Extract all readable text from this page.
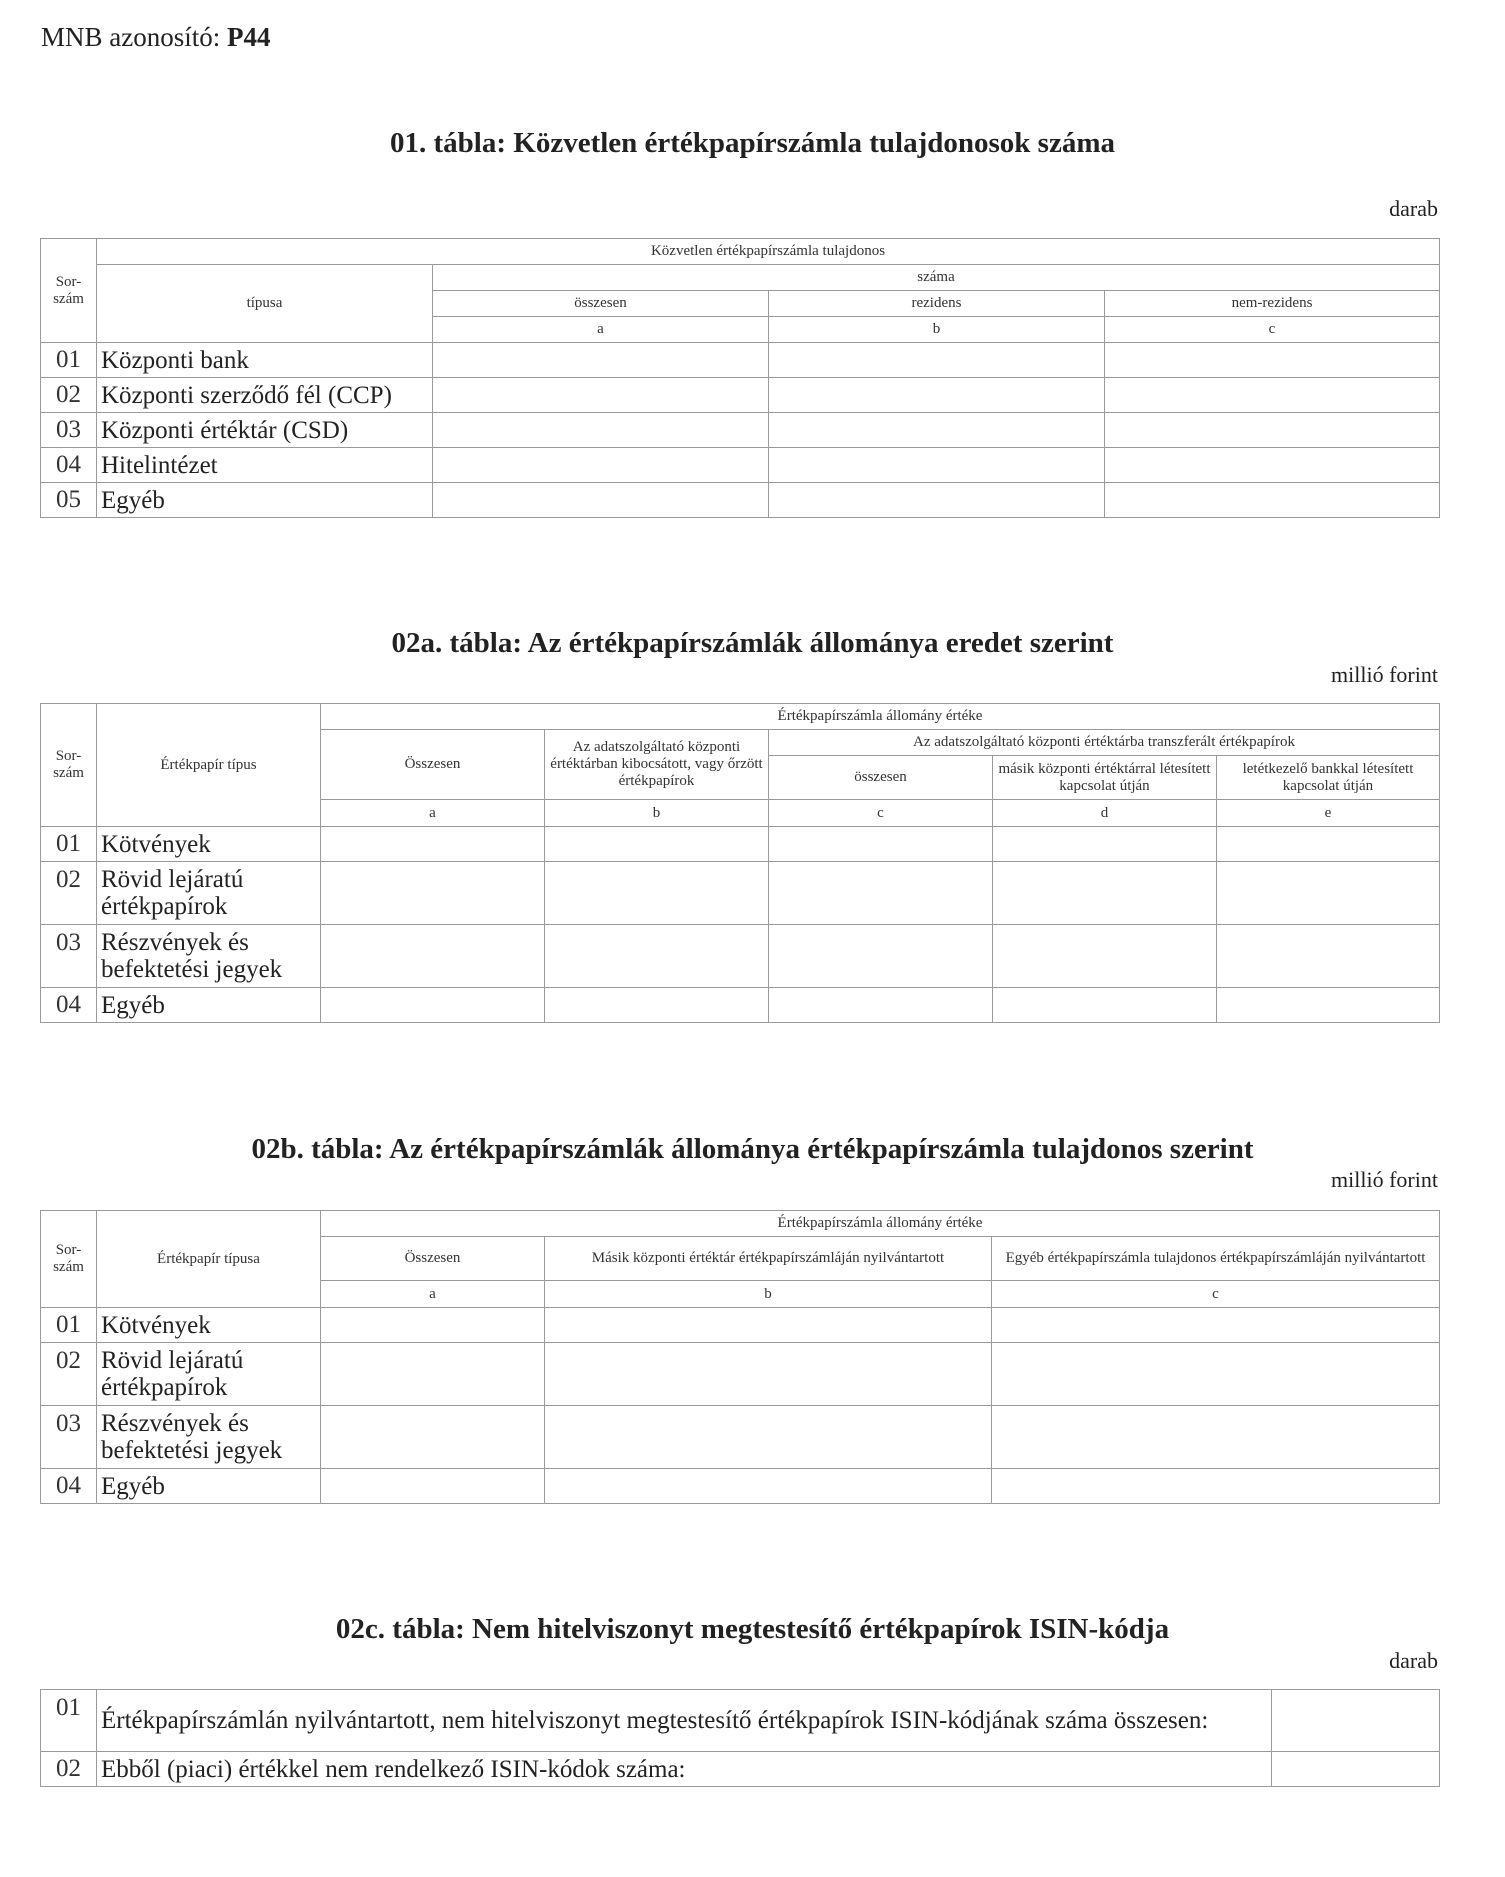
MNB azonosító: P44
01. tábla: Közvetlen értékpapírszámla tulajdonosok száma
darab
Sor-szám	Közvetlen értékpapírszámla tulajdonos			
	típusa	száma		
		összesen	rezidens	nem-rezidens
		a	b	c
01	Központi bank			
02	Központi szerződő fél (CCP)			
03	Központi értéktár (CSD)			
04	Hitelintézet			
05	Egyéb			
02a. tábla: Az értékpapírszámlák állománya eredet szerint
millió forint
Sor-szám	Értékpapír típus	Értékpapírszámla állomány értéke				
		Összesen	Az adatszolgáltató központi értéktárban kibocsátott, vagy őrzött értékpapírok	Az adatszolgáltató központi értéktárba transzferált értékpapírok		
				összesen	másik központi értéktárral létesített kapcsolat útján	letétkezelő bankkal létesített kapcsolat útján
		a	b	c	d	e
01	Kötvények					
02	Rövid lejáratú értékpapírok					
03	Részvények és befektetési jegyek					
04	Egyéb					
02b. tábla: Az értékpapírszámlák állománya értékpapírszámla tulajdonos szerint
millió forint
Sor-szám	Értékpapír típusa	Értékpapírszámla állomány értéke		
		Összesen	Másik központi értéktár értékpapírszámláján nyilvántartott	Egyéb értékpapírszámla tulajdonos értékpapírszámláján nyilvántartott
		a	b	c
01	Kötvények			
02	Rövid lejáratú értékpapírok			
03	Részvények és befektetési jegyek			
04	Egyéb			
02c. tábla: Nem hitelviszonyt megtestesítő értékpapírok ISIN-kódja
darab
01	Értékpapírszámlán nyilvántartott, nem hitelviszonyt megtestesítő értékpapírok ISIN-kódjának száma összesen:	
02	Ebből (piaci) értékkel nem rendelkező ISIN-kódok száma:	
